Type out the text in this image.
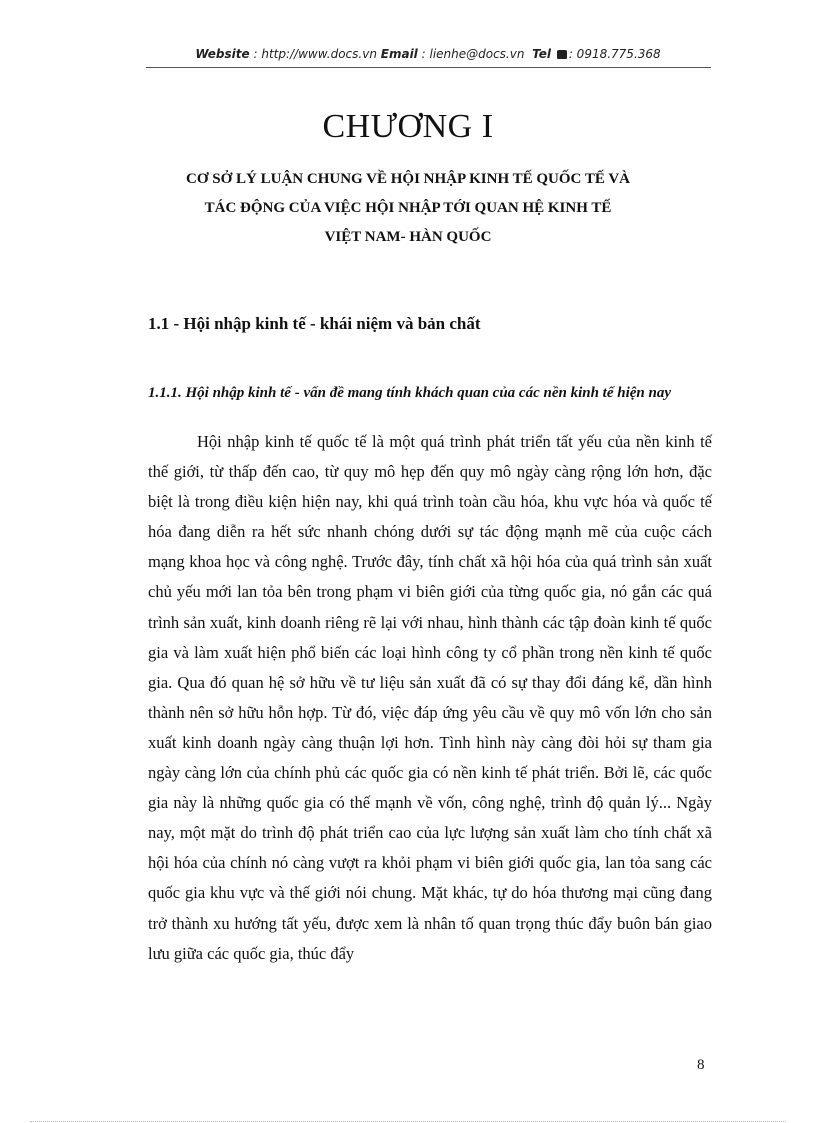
Website : http://www.docs.vn Email : lienhe@docs.vn Tel : 0918.775.368
CHƯƠNG I
CƠ SỞ LÝ LUẬN CHUNG VỀ HỘI NHẬP KINH TẾ QUỐC TẾ VÀ
TÁC ĐỘNG CỦA VIỆC HỘI NHẬP TỚI QUAN HỆ KINH TẾ
VIỆT NAM- HÀN QUỐC
1.1 - Hội nhập kinh tế - khái niệm và bản chất
1.1.1. Hội nhập kinh tế - vấn đề mang tính khách quan của các nền kinh tế hiện nay

Hội nhập kinh tế quốc tế là một quá trình phát triển tất yếu của nền kinh tế thế giới, từ thấp đến cao, từ quy mô hẹp đến quy mô ngày càng rộng lớn hơn, đặc biệt là trong điều kiện hiện nay, khi quá trình toàn cầu hóa, khu vực hóa và quốc tế hóa đang diễn ra hết sức nhanh chóng dưới sự tác động mạnh mẽ của cuộc cách mạng khoa học và công nghệ. Trước đây, tính chất xã hội hóa của quá trình sản xuất chủ yếu mới lan tỏa bên trong phạm vi biên giới của từng quốc gia, nó gắn các quá trình sản xuất, kinh doanh riêng rẽ lại với nhau, hình thành các tập đoàn kinh tế quốc gia và làm xuất hiện phổ biến các loại hình công ty cổ phần trong nền kinh tế quốc gia. Qua đó quan hệ sở hữu về tư liệu sản xuất đã có sự thay đổi đáng kể, dần hình thành nên sở hữu hỗn hợp. Từ đó, việc đáp ứng yêu cầu về quy mô vốn lớn cho sản xuất kinh doanh ngày càng thuận lợi hơn. Tình hình này càng đòi hỏi sự tham gia ngày càng lớn của chính phủ các quốc gia có nền kinh tế phát triển. Bởi lẽ, các quốc gia này là những quốc gia có thế mạnh về vốn, công nghệ, trình độ quản lý... Ngày nay, một mặt do trình độ phát triển cao của lực lượng sản xuất làm cho tính chất xã hội hóa của chính nó càng vượt ra khỏi phạm vi biên giới quốc gia, lan tỏa sang các quốc gia khu vực và thế giới nói chung. Mặt khác, tự do hóa thương mại cũng đang trở thành xu hướng tất yếu, được xem là nhân tố quan trọng thúc đẩy buôn bán giao lưu giữa các quốc gia, thúc đẩy

8
